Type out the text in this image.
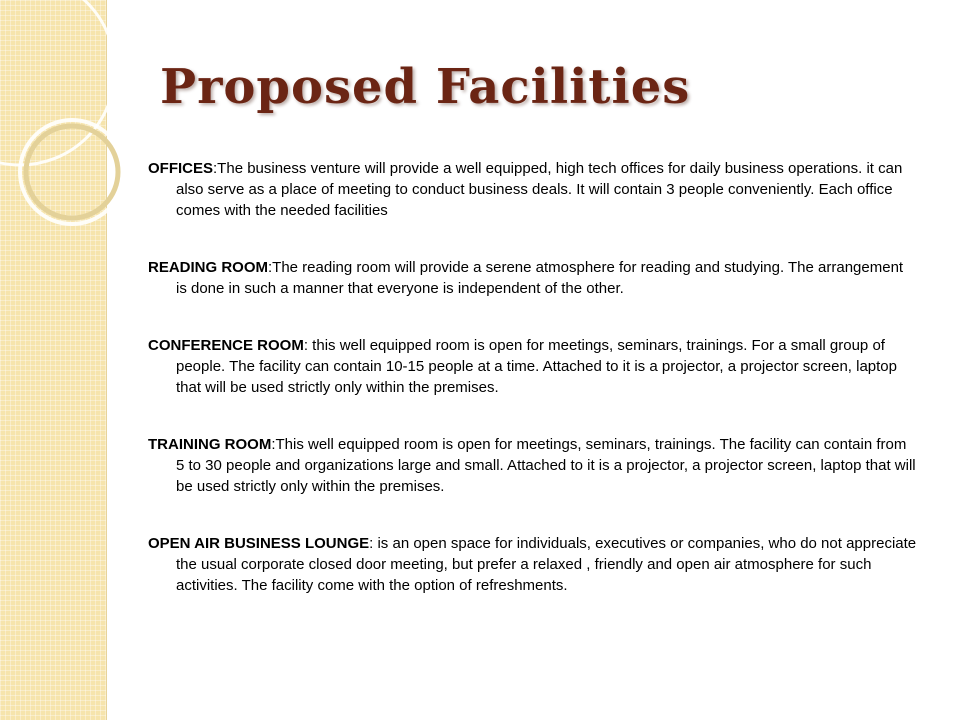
Proposed Facilities

OFFICES:The business venture will provide a well equipped, high tech offices for daily business operations. it can also serve as a place of meeting to conduct business deals. It will contain 3 people conveniently. Each office comes with the needed facilities

READING ROOM:The reading room will provide a serene atmosphere for reading and studying. The arrangement is done in such a manner that everyone is independent of the other.

CONFERENCE ROOM: this well equipped room is open for meetings, seminars, trainings. For a small group of people. The facility can contain 10-15 people at a time. Attached to it is a projector, a projector screen, laptop that will be used strictly only within the premises.

TRAINING ROOM:This well equipped room is open for meetings, seminars, trainings. The facility can contain from 5 to 30 people and organizations large and small. Attached to it is a projector, a projector screen, laptop that will be used strictly only within the premises.

OPEN AIR BUSINESS LOUNGE: is an open space for individuals, executives or companies, who do not appreciate the usual corporate closed door meeting, but prefer a relaxed , friendly and open air atmosphere for such activities. The facility come with the option of refreshments.
